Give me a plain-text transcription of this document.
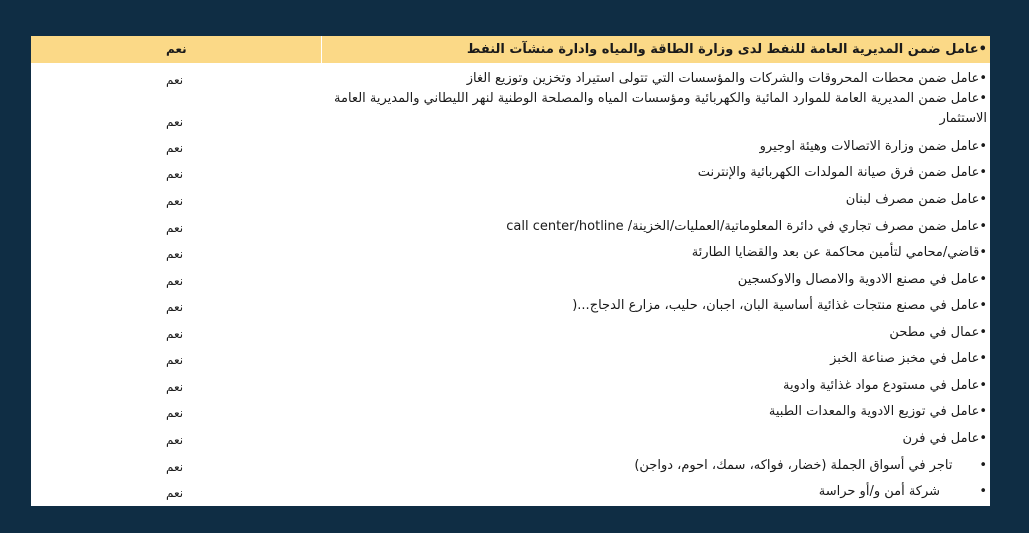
•عامل ضمن المديرية العامة للنفط لدى وزارة الطاقة والمياه وادارة منشآت النفط
نعم
•عامل ضمن محطات المحروقات والشركات والمؤسسات التي تتولى استيراد وتخزين وتوزيع الغاز
نعم
•عامل ضمن المديرية العامة للموارد المائية والكهربائية ومؤسسات المياه والمصلحة الوطنية لنهر الليطاني والمديرية العامة الاستثمار
نعم
•عامل ضمن وزارة الاتصالات وهيئة اوجيرو
نعم
•عامل ضمن فرق صيانة المولدات الكهربائية والإنترنت
نعم
•عامل ضمن مصرف لبنان
نعم
•عامل ضمن مصرف تجاري في دائرة المعلوماتية/العمليات/الخزينة/ call center/hotline
نعم
•قاضي/محامي لتأمين محاكمة عن بعد والقضايا الطارئة
نعم
•عامل في مصنع الادوية والامصال والاوكسجين
نعم
•عامل في مصنع منتجات غذائية أساسية البان، اجبان، حليب، مزارع الدجاج...(
نعم
•عمال في مطحن
نعم
•عامل في مخبز صناعة الخبز
نعم
•عامل في مستودع مواد غذائية وادوية
نعم
•عامل في توزيع الادوية والمعدات الطبية
نعم
•عامل في فرن
نعم
•    تاجر في أسواق الجملة (خضار، فواكه، سمك، احوم، دواجن)
نعم
•       شركة أمن و/أو حراسة
نعم
